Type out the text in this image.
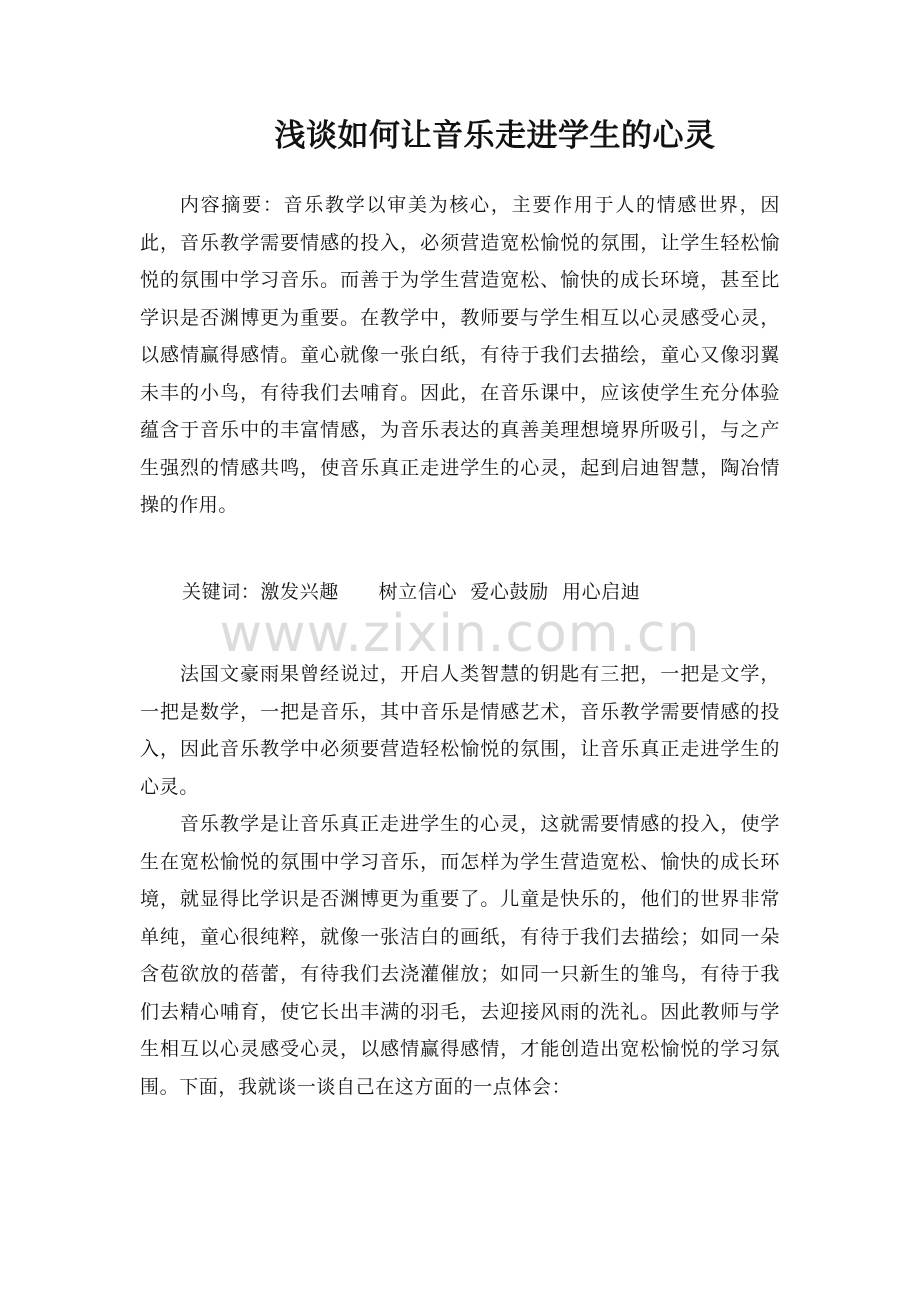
浅谈如何让音乐走进学生的心灵

内容摘要：音乐教学以审美为核心，主要作用于人的情感世界，因此，音乐教学需要情感的投入，必须营造宽松愉悦的氛围，让学生轻松愉悦的氛围中学习音乐。而善于为学生营造宽松、愉快的成长环境，甚至比学识是否渊博更为重要。在教学中，教师要与学生相互以心灵感受心灵，以感情赢得感情。童心就像一张白纸，有待于我们去描绘，童心又像羽翼未丰的小鸟，有待我们去哺育。因此，在音乐课中，应该使学生充分体验蕴含于音乐中的丰富情感，为音乐表达的真善美理想境界所吸引，与之产生强烈的情感共鸣，使音乐真正走进学生的心灵，起到启迪智慧，陶冶情操的作用。

关键词：激发兴趣      树立信心  爱心鼓励  用心启迪
www.zixin.com.cn

法国文豪雨果曾经说过，开启人类智慧的钥匙有三把，一把是文学，一把是数学，一把是音乐，其中音乐是情感艺术，音乐教学需要情感的投入，因此音乐教学中必须要营造轻松愉悦的氛围，让音乐真正走进学生的心灵。

音乐教学是让音乐真正走进学生的心灵，这就需要情感的投入，使学生在宽松愉悦的氛围中学习音乐，而怎样为学生营造宽松、愉快的成长环境，就显得比学识是否渊博更为重要了。儿童是快乐的，他们的世界非常单纯，童心很纯粹，就像一张洁白的画纸，有待于我们去描绘；如同一朵含苞欲放的蓓蕾，有待我们去浇灌催放；如同一只新生的雏鸟，有待于我们去精心哺育，使它长出丰满的羽毛，去迎接风雨的洗礼。因此教师与学生相互以心灵感受心灵，以感情赢得感情，才能创造出宽松愉悦的学习氛围。下面，我就谈一谈自己在这方面的一点体会：
